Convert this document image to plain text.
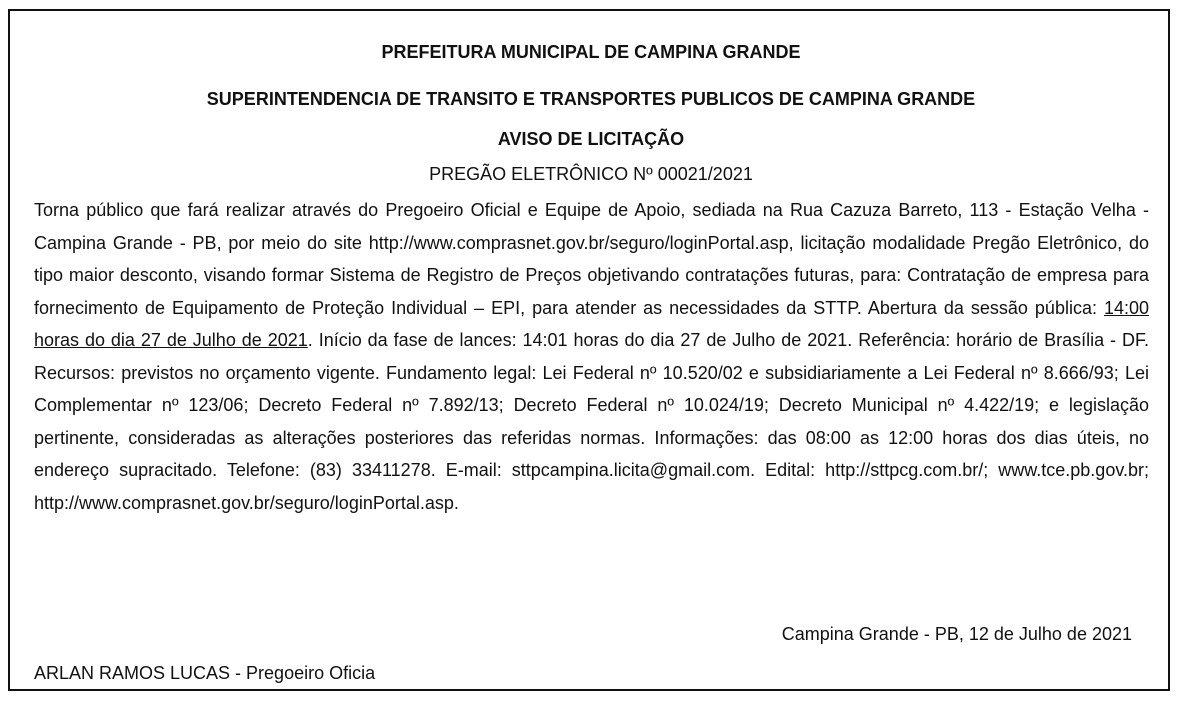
PREFEITURA MUNICIPAL DE CAMPINA GRANDE
SUPERINTENDENCIA DE TRANSITO E TRANSPORTES PUBLICOS DE CAMPINA GRANDE
AVISO DE LICITAÇÃO
PREGÃO ELETRÔNICO Nº 00021/2021

Torna público que fará realizar através do Pregoeiro Oficial e Equipe de Apoio, sediada na Rua Cazuza Barreto, 113 - Estação Velha - Campina Grande - PB, por meio do site http://www.comprasnet.gov.br/seguro/loginPortal.asp, licitação modalidade Pregão Eletrônico, do tipo maior desconto, visando formar Sistema de Registro de Preços objetivando contratações futuras, para: Contratação de empresa para fornecimento de Equipamento de Proteção Individual – EPI, para atender as necessidades da STTP. Abertura da sessão pública: 14:00 horas do dia 27 de Julho de 2021. Início da fase de lances: 14:01 horas do dia 27 de Julho de 2021. Referência: horário de Brasília - DF. Recursos: previstos no orçamento vigente. Fundamento legal: Lei Federal nº 10.520/02 e subsidiariamente a Lei Federal nº 8.666/93; Lei Complementar nº 123/06; Decreto Federal nº 7.892/13; Decreto Federal nº 10.024/19; Decreto Municipal nº 4.422/19; e legislação pertinente, consideradas as alterações posteriores das referidas normas. Informações: das 08:00 as 12:00 horas dos dias úteis, no endereço supracitado. Telefone: (83) 33411278. E-mail: sttpcampina.licita@gmail.com. Edital: http://sttpcg.com.br/; www.tce.pb.gov.br; http://www.comprasnet.gov.br/seguro/loginPortal.asp.

Campina Grande - PB, 12 de Julho de 2021
ARLAN RAMOS LUCAS - Pregoeiro Oficia
